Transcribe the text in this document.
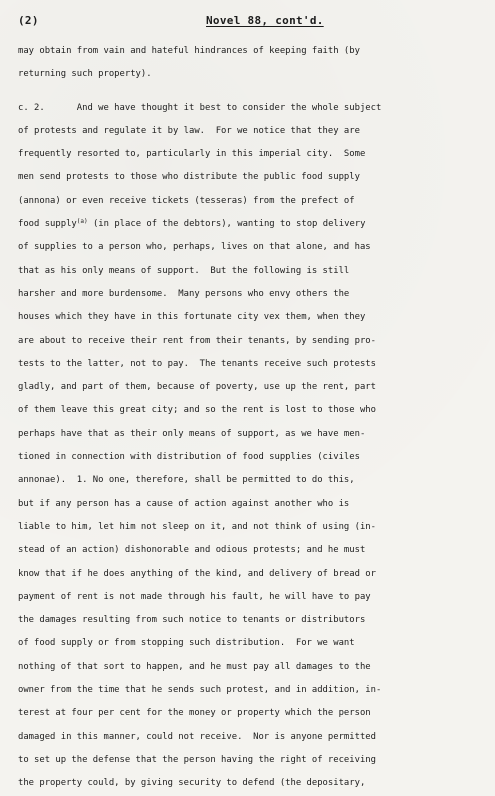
(2)	Novel 88, cont'd.
may obtain from vain and hateful hindrances of keeping faith (by
returning such property).
c. 2.      And we have thought it best to consider the whole subject
of protests and regulate it by law.  For we notice that they are
frequently resorted to, particularly in this imperial city.  Some
men send protests to those who distribute the public food supply
(annona) or even receive tickets (tesseras) from the prefect of
food supply$^{(a)}$ (in place of the debtors), wanting to stop delivery
of supplies to a person who, perhaps, lives on that alone, and has
that as his only means of support.  But the following is still
harsher and more burdensome.  Many persons who envy others the
houses which they have in this fortunate city vex them, when they
are about to receive their rent from their tenants, by sending pro-
tests to the latter, not to pay.  The tenants receive such protests
gladly, and part of them, because of poverty, use up the rent, part
of them leave this great city; and so the rent is lost to those who
perhaps have that as their only means of support, as we have men-
tioned in connection with distribution of food supplies (civiles
annonae).  1. No one, therefore, shall be permitted to do this,
but if any person has a cause of action against another who is
liable to him, let him not sleep on it, and not think of using (in-
stead of an action) dishonorable and odious protests; and he must
know that if he does anything of the kind, and delivery of bread or
payment of rent is not made through his fault, he will have to pay
the damages resulting from such notice to tenants or distributors
of food supply or from stopping such distribution.  For we want
nothing of that sort to happen, and he must pay all damages to the
owner from the time that he sends such protest, and in addition, in-
terest at four per cent for the money or property which the person
damaged in this manner, could not receive.  Nor is anyone permitted
to set up the defense that the person having the right of receiving
the property could, by giving security to defend (the depositary,
